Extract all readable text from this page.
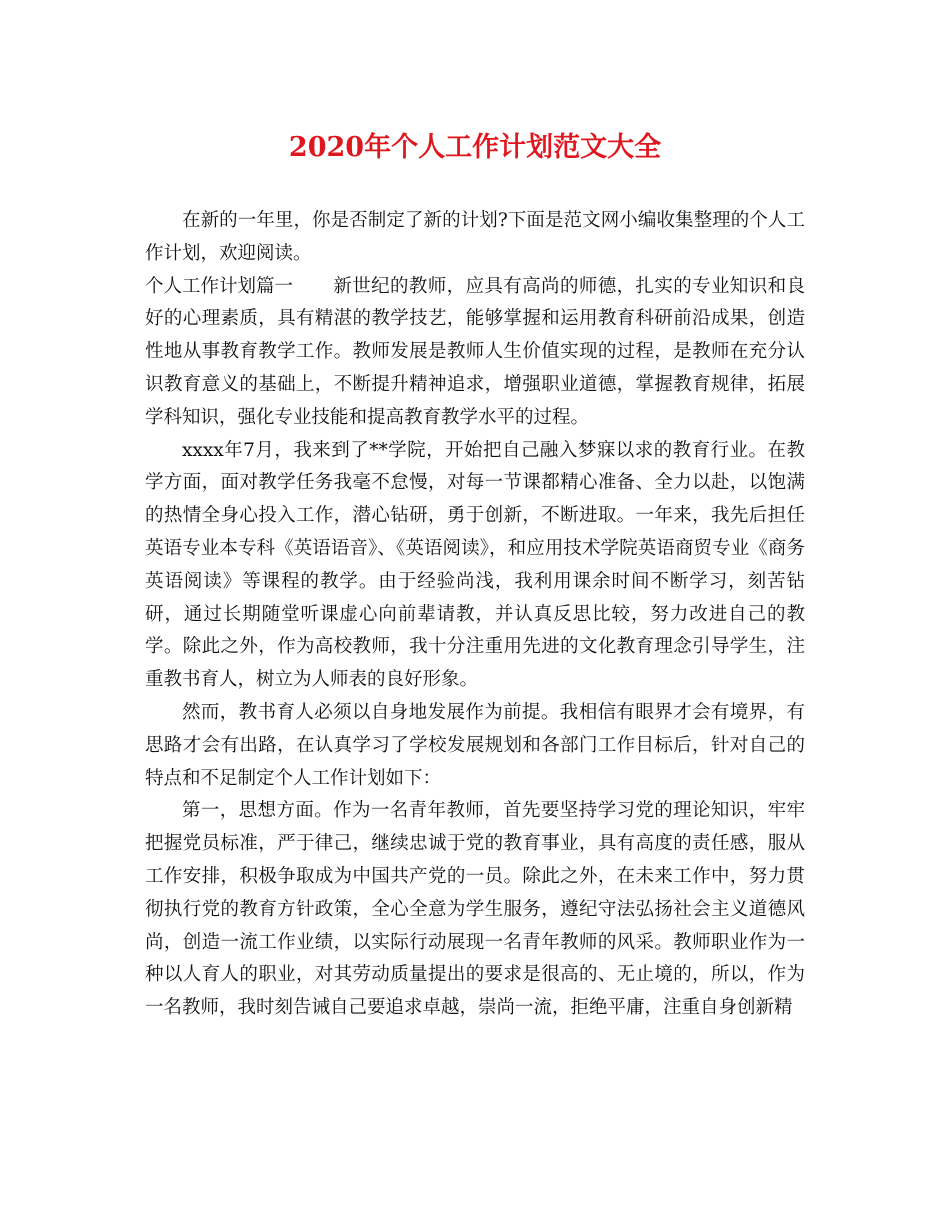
2020年个人工作计划范文大全

在新的一年里，你是否制定了新的计划?下面是范文网小编收集整理的个人工作计划，欢迎阅读。

个人工作计划篇一 新世纪的教师，应具有高尚的师德，扎实的专业知识和良好的心理素质，具有精湛的教学技艺，能够掌握和运用教育科研前沿成果，创造性地从事教育教学工作。教师发展是教师人生价值实现的过程，是教师在充分认识教育意义的基础上，不断提升精神追求，增强职业道德，掌握教育规律，拓展学科知识，强化专业技能和提高教育教学水平的过程。

xxxx年7月，我来到了**学院，开始把自己融入梦寐以求的教育行业。在教学方面，面对教学任务我毫不怠慢，对每一节课都精心准备、全力以赴，以饱满的热情全身心投入工作，潜心钻研，勇于创新，不断进取。一年来，我先后担任英语专业本专科《英语语音》、《英语阅读》，和应用技术学院英语商贸专业《商务英语阅读》等课程的教学。由于经验尚浅，我利用课余时间不断学习，刻苦钻研，通过长期随堂听课虚心向前辈请教，并认真反思比较，努力改进自己的教学。除此之外，作为高校教师，我十分注重用先进的文化教育理念引导学生，注重教书育人，树立为人师表的良好形象。

然而，教书育人必须以自身地发展作为前提。我相信有眼界才会有境界，有思路才会有出路，在认真学习了学校发展规划和各部门工作目标后，针对自己的特点和不足制定个人工作计划如下：

第一，思想方面。作为一名青年教师，首先要坚持学习党的理论知识，牢牢把握党员标准，严于律己，继续忠诚于党的教育事业，具有高度的责任感，服从工作安排，积极争取成为中国共产党的一员。除此之外，在未来工作中，努力贯彻执行党的教育方针政策，全心全意为学生服务，遵纪守法弘扬社会主义道德风尚，创造一流工作业绩，以实际行动展现一名青年教师的风采。教师职业作为一种以人育人的职业，对其劳动质量提出的要求是很高的、无止境的，所以，作为一名教师，我时刻告诫自己要追求卓越，崇尚一流，拒绝平庸，注重自身创新精
